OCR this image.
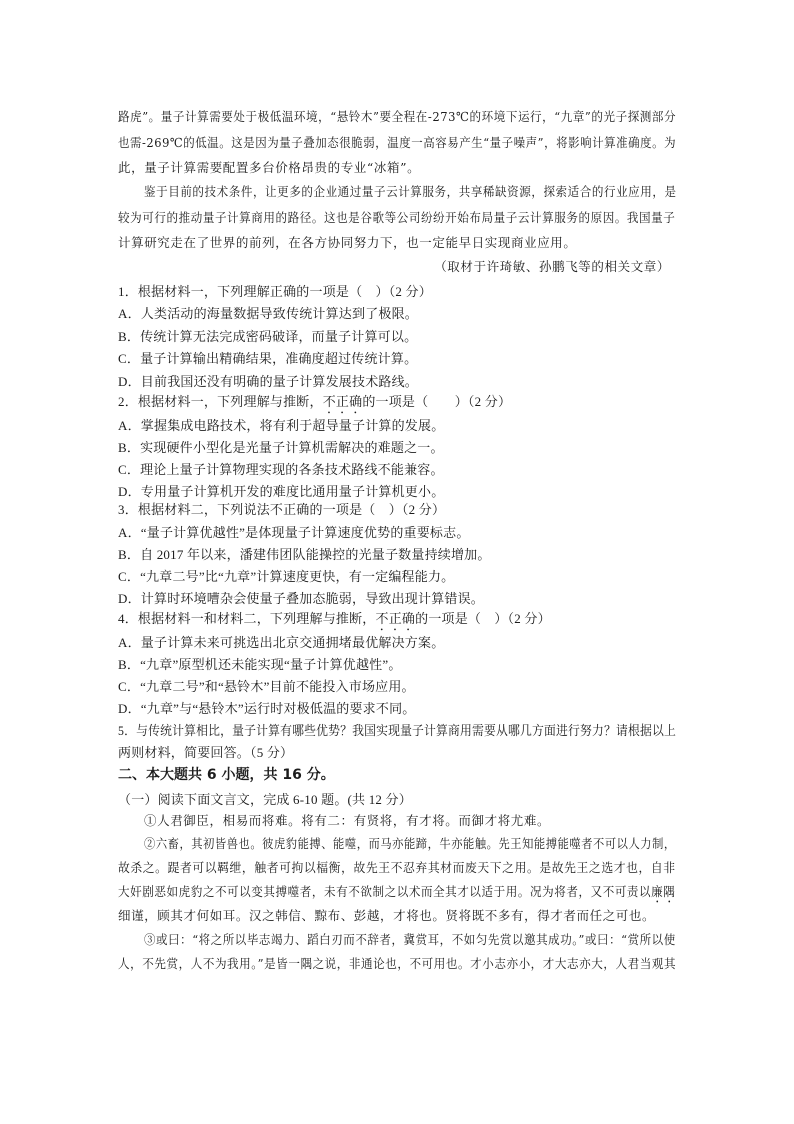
路虎”。量子计算需要处于极低温环境，“悬铃木”要全程在-273℃的环境下运行，“九章”的光子探测部分
也需-269℃的低温。这是因为量子叠加态很脆弱，温度一高容易产生“量子噪声”，将影响计算准确度。为
此，量子计算需要配置多台价格昂贵的专业“冰箱”。
鉴于目前的技术条件，让更多的企业通过量子云计算服务，共享稀缺资源，探索适合的行业应用，是
较为可行的推动量子计算商用的路径。这也是谷歌等公司纷纷开始布局量子云计算服务的原因。我国量子
计算研究走在了世界的前列，在各方协同努力下，也一定能早日实现商业应用。
（取材于许琦敏、孙鹏飞等的相关文章）
1．根据材料一，下列理解正确的一项是（　）（2 分）
A．人类活动的海量数据导致传统计算达到了极限。
B．传统计算无法完成密码破译，而量子计算可以。
C．量子计算输出精确结果，准确度超过传统计算。
D．目前我国还没有明确的量子计算发展技术路线。
2．根据材料一，下列理解与推断，不正确的一项是（　　）（2 分）
A．掌握集成电路技术，将有利于超导量子计算的发展。
B．实现硬件小型化是光量子计算机需解决的难题之一。
C．理论上量子计算物理实现的各条技术路线不能兼容。
D．专用量子计算机开发的难度比通用量子计算机更小。
3．根据材料二，下列说法不正确的一项是（　）（2 分）
A．“量子计算优越性”是体现量子计算速度优势的重要标志。
B．自 2017 年以来，潘建伟团队能操控的光量子数量持续增加。
C．“九章二号”比“九章”计算速度更快，有一定编程能力。
D．计算时环境嘈杂会使量子叠加态脆弱，导致出现计算错误。
4．根据材料一和材料二，下列理解与推断，不正确的一项是（　）（2 分）
A．量子计算未来可挑选出北京交通拥堵最优解决方案。
B．“九章”原型机还未能实现“量子计算优越性”。
C．“九章二号”和“悬铃木”目前不能投入市场应用。
D．“九章”与“悬铃木”运行时对极低温的要求不同。
5．与传统计算相比，量子计算有哪些优势？我国实现量子计算商用需要从哪几方面进行努力？请根据以上
两则材料，简要回答。（5 分）
二、本大题共 6 小题，共 16 分。
（一）阅读下面文言文，完成 6-10 题。(共 12 分）
①人君御臣，相易而将难。将有二：有贤将，有才将。而御才将尤难。
②六畜，其初皆兽也。彼虎豹能搏、能噬，而马亦能蹄，牛亦能触。先王知能搏能噬者不可以人力制，
故杀之。踶者可以羁绁，触者可拘以楅衡，故先王不忍弃其材而废天下之用。是故先王之选才也，自非
大奸剧恶如虎豹之不可以变其搏噬者，未有不欲制之以术而全其才以适于用。况为将者，又不可责以廉隅
细谨，顾其才何如耳。汉之韩信、黥布、彭越，才将也。贤将既不多有，得才者而任之可也。
③或曰：“将之所以毕志竭力、蹈白刃而不辞者，冀赏耳，不如匀先赏以邀其成功。”或曰：“赏所以使
人，不先赏，人不为我用。”是皆一隅之说，非通论也，不可用也。才小志亦小，才大志亦大，人君当观其
